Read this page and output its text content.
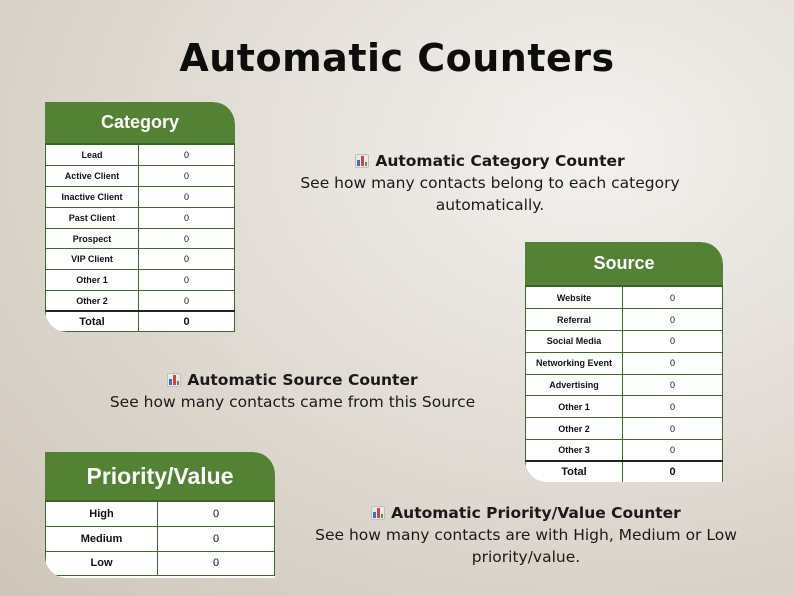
Automatic Counters
Category
Lead	0
Active Client	0
Inactive Client	0
Past Client	0
Prospect	0
VIP Client	0
Other 1	0
Other 2	0
Total	0
Automatic Category Counter
See how many contacts belong to each category automatically.
Source
Website	0
Referral	0
Social Media	0
Networking Event	0
Advertising	0
Other 1	0
Other 2	0
Other 3	0
Total	0
Automatic Source Counter
See how many contacts came from this Source
Priority/Value
High	0
Medium	0
Low	0
Automatic Priority/Value Counter
See how many contacts are with High, Medium or Low priority/value.
